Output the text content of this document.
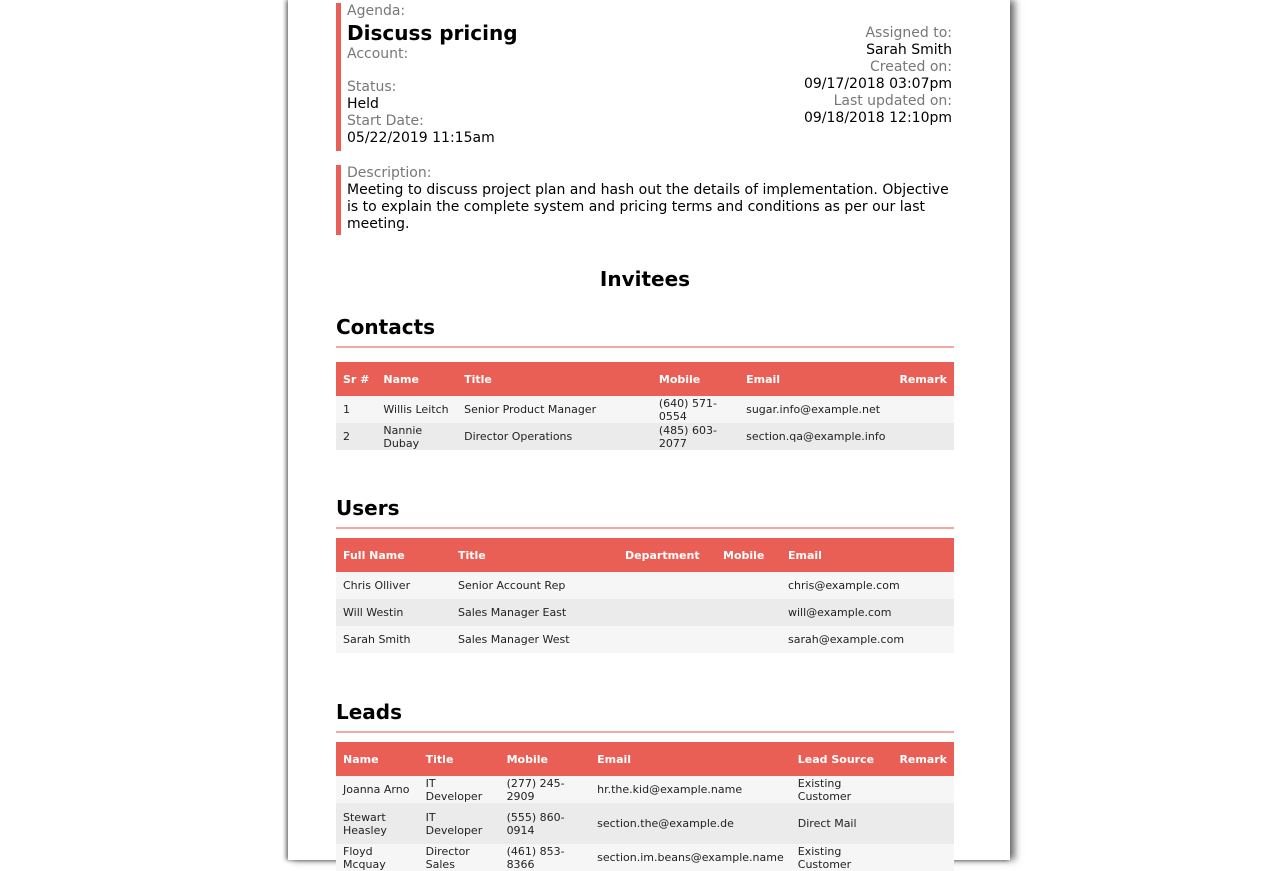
Agenda:
Discuss pricing
Account:
Status:
Held
Start Date:
05/22/2019 11:15am
Assigned to:
Sarah Smith
Created on:
09/17/2018 03:07pm
Last updated on:
09/18/2018 12:10pm
Description:
Meeting to discuss project plan and hash out the details of implementation. Objective is to explain the complete system and pricing terms and conditions as per our last meeting.
Invitees
Contacts
Sr #	Name	Title	Mobile	Email	Remark
1	Willis Leitch	Senior Product Manager	(640) 571-0554	sugar.info@example.net	
2	Nannie Dubay	Director Operations	(485) 603-2077	section.qa@example.info	
Users
Full Name	Title	Department	Mobile	Email
Chris Olliver	Senior Account Rep			chris@example.com
Will Westin	Sales Manager East			will@example.com
Sarah Smith	Sales Manager West			sarah@example.com
Leads
Name	Title	Mobile	Email	Lead Source	Remark
Joanna Arno	IT Developer	(277) 245-2909	hr.the.kid@example.name	Existing Customer	
Stewart Heasley	IT Developer	(555) 860-0914	section.the@example.de	Direct Mail	
Floyd Mcquay	Director Sales	(461) 853-8366	section.im.beans@example.name	Existing Customer	
